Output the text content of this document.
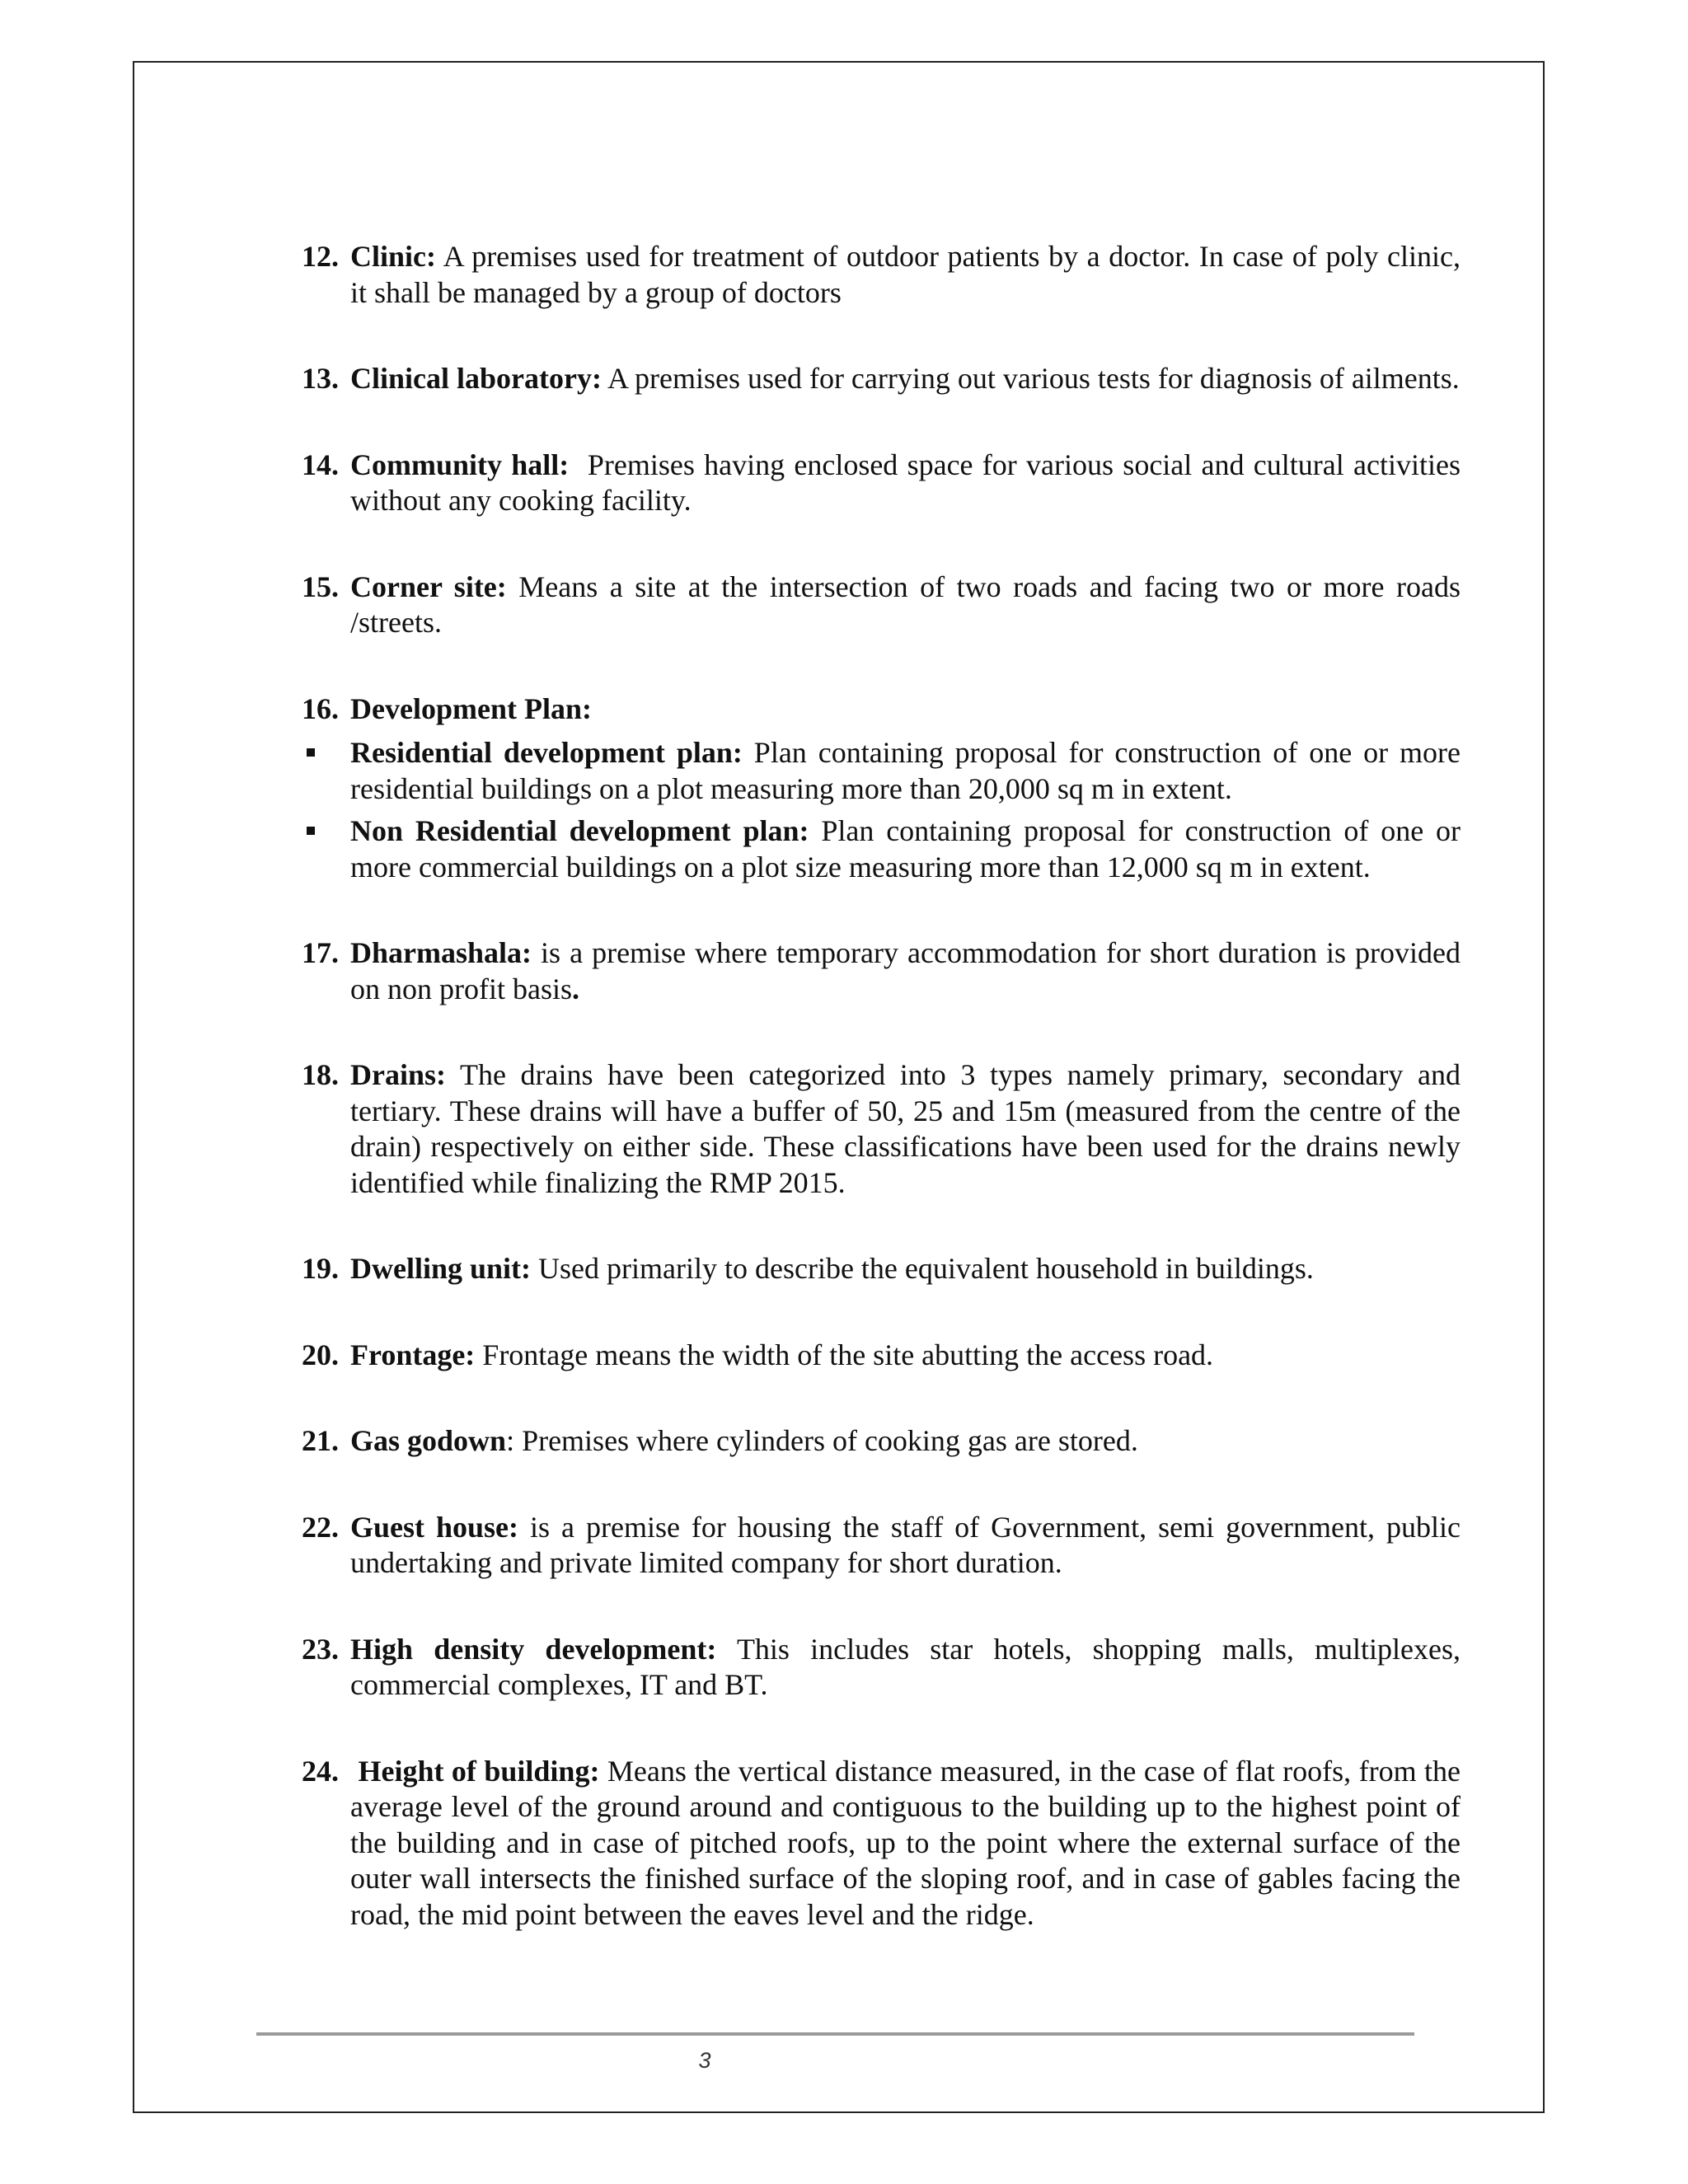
12. Clinic: A premises used for treatment of outdoor patients by a doctor. In case of poly clinic, it shall be managed by a group of doctors
13. Clinical laboratory: A premises used for carrying out various tests for diagnosis of ailments.
14. Community hall:  Premises having enclosed space for various social and cultural activities without any cooking facility.
15. Corner site: Means a site at the intersection of two roads and facing two or more roads /streets.
16. Development Plan:
Residential development plan: Plan containing proposal for construction of one or more residential buildings on a plot measuring more than 20,000 sq m in extent.
Non Residential development plan: Plan containing proposal for construction of one or more commercial buildings on a plot size measuring more than 12,000 sq m in extent.
17. Dharmashala: is a premise where temporary accommodation for short duration is provided on non profit basis.
18. Drains: The drains have been categorized into 3 types namely primary, secondary and tertiary. These drains will have a buffer of 50, 25 and 15m (measured from the centre of the drain) respectively on either side. These classifications have been used for the drains newly identified while finalizing the RMP 2015.
19. Dwelling unit: Used primarily to describe the equivalent household in buildings.
20. Frontage: Frontage means the width of the site abutting the access road.
21. Gas godown: Premises where cylinders of cooking gas are stored.
22. Guest house: is a premise for housing the staff of Government, semi government, public undertaking and private limited company for short duration.
23. High density development: This includes star hotels, shopping malls, multiplexes, commercial complexes, IT and BT.
24. Height of building: Means the vertical distance measured, in the case of flat roofs, from the average level of the ground around and contiguous to the building up to the highest point of the building and in case of pitched roofs, up to the point where the external surface of the outer wall intersects the finished surface of the sloping roof, and in case of gables facing the road, the mid point between the eaves level and the ridge.
3
